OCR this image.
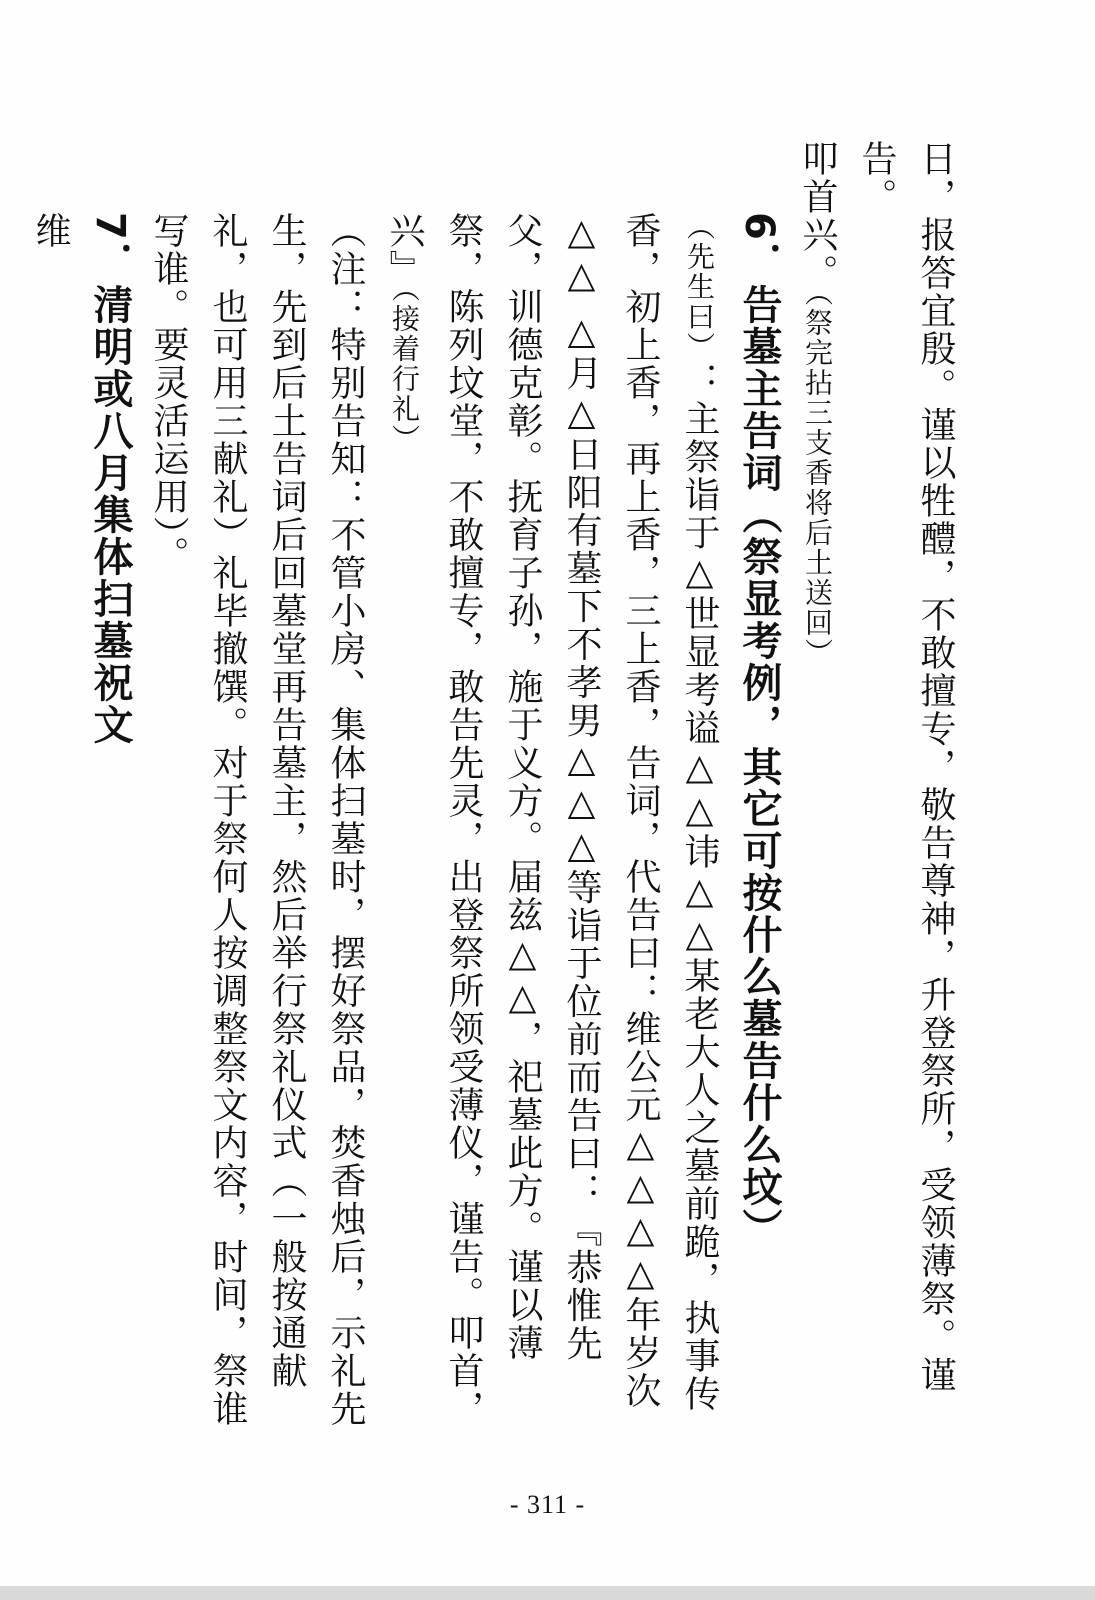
日，报答宜殷。谨以牲醴，不敢擅专，敬告尊神，升登祭所，受领薄祭。谨告。
叩首兴。（祭完拈三支香将后土送回）
6．告墓主告词（祭显考例，其它可按什么墓告什么坟）
（先生曰）：主祭诣于△世显考谥△△讳△△某老大人之墓前跪，执事传香，初上香，再上香，三上香，告词，代告曰：维公元△△△△年岁次△△ △月△日阳有墓下不孝男△△△等诣于位前而告曰：『恭惟先父，训德克彰。抚育子孙，施于义方。届兹△△，祀墓此方。谨以薄祭，陈列坟堂，不敢擅专，敢告先灵，出登祭所领受薄仪，谨告。叩首，兴』（接着行礼）
（注：特别告知：不管小房、集体扫墓时，摆好祭品，焚香烛后，示礼先生，先到后土告词后回墓堂再告墓主，然后举行祭礼仪式（一般按通献礼，也可用三献礼）礼毕撤馔。对于祭何人按调整祭文内容，时间，祭谁写谁。要灵活运用）。
7．清明或八月集体扫墓祝文
维
- 311 -
